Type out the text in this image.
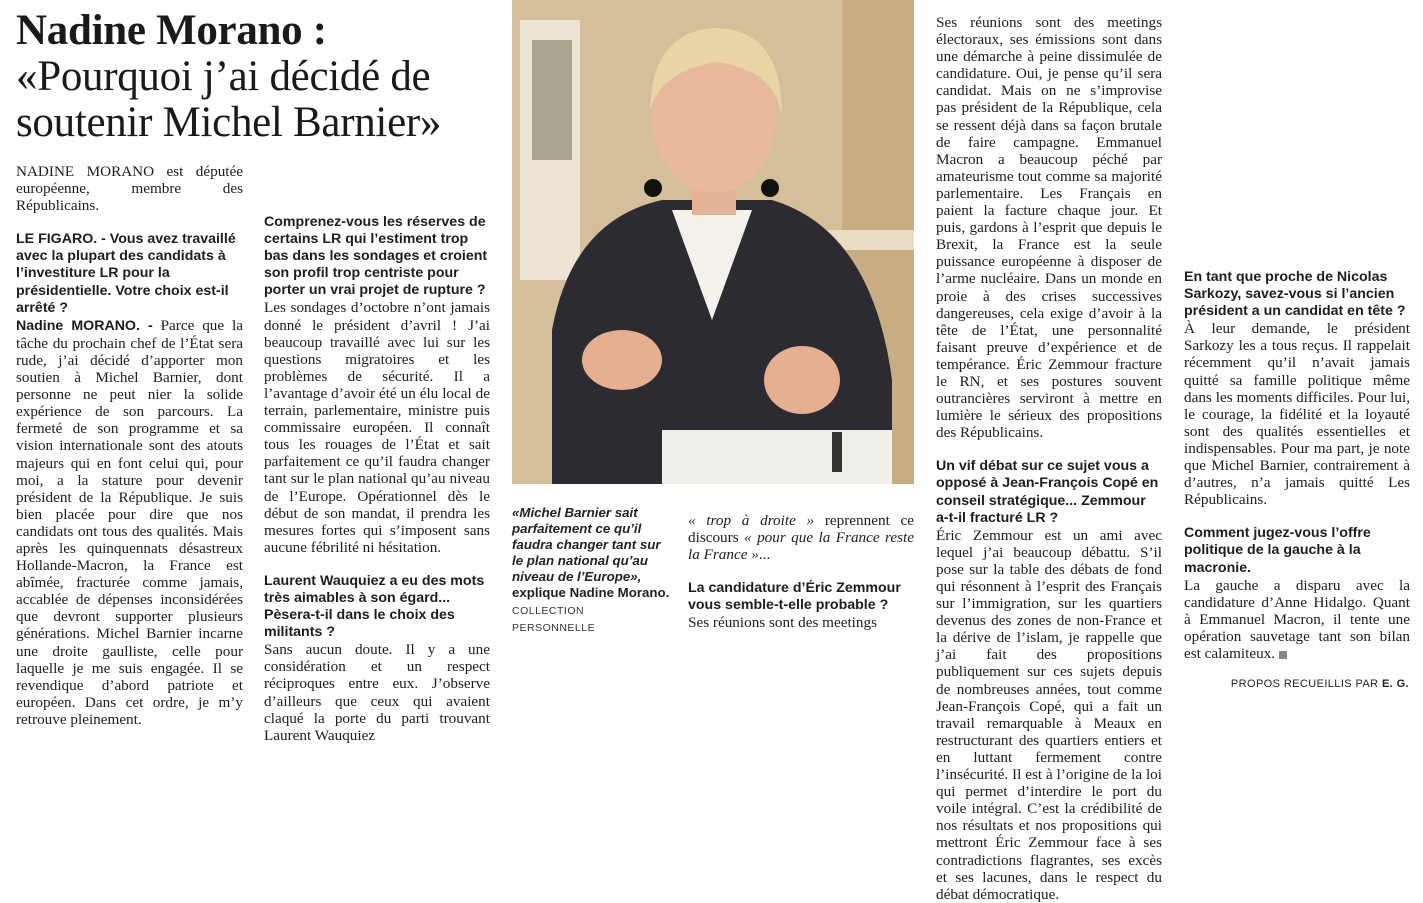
Nadine Morano :
«Pourquoi j’ai décidé de soutenir Michel Barnier»

NADINE MORANO est députée européenne, membre des Républicains.

LE FIGARO. - Vous avez travaillé avec la plupart des candidats à l’investiture LR pour la présidentielle. Votre choix est-il arrêté ?

Nadine MORANO. - Parce que la tâche du prochain chef de l’État sera rude, j’ai décidé d’apporter mon soutien à Michel Barnier, dont personne ne peut nier la solide expérience de son parcours. La fermeté de son programme et sa vision internationale sont des atouts majeurs qui en font celui qui, pour moi, a la stature pour devenir président de la République. Je suis bien placée pour dire que nos candidats ont tous des qualités. Mais après les quinquennats désastreux Hollande-Macron, la France est abîmée, fracturée comme jamais, accablée de dépenses inconsidérées que devront supporter plusieurs générations. Michel Barnier incarne une droite gaulliste, celle pour laquelle je me suis engagée. Il se revendique d’abord patriote et européen. Dans cet ordre, je m’y retrouve pleinement.

Comprenez-vous les réserves de certains LR qui l’estiment trop bas dans les sondages et croient son profil trop centriste pour porter un vrai projet de rupture ?

Les sondages d’octobre n’ont jamais donné le président d’avril ! J’ai beaucoup travaillé avec lui sur les questions migratoires et les problèmes de sécurité. Il a l’avantage d’avoir été un élu local de terrain, parlementaire, ministre puis commissaire européen. Il connaît tous les rouages de l’État et sait parfaitement ce qu’il faudra changer tant sur le plan national qu’au niveau de l’Europe. Opérationnel dès le début de son mandat, il prendra les mesures fortes qui s’imposent sans aucune fébrilité ni hésitation.

Laurent Wauquiez a eu des mots très aimables à son égard... Pèsera-t-il dans le choix des militants ?

Sans aucun doute. Il y a une considération et un respect réciproques entre eux. J’observe d’ailleurs que ceux qui avaient claqué la porte du parti trouvant Laurent Wauquiez

«Michel Barnier sait parfaitement ce qu’il faudra changer tant sur le plan national qu’au niveau de l’Europe», explique Nadine Morano. COLLECTION PERSONNELLE

« trop à droite » reprennent ce discours « pour que la France reste la France »...

La candidature d’Éric Zemmour vous semble-t-elle probable ?

Ses réunions sont des meetings

Ses réunions sont des meetings électoraux, ses émissions sont dans une démarche à peine dissimulée de candidature. Oui, je pense qu’il sera candidat. Mais on ne s’improvise pas président de la République, cela se ressent déjà dans sa façon brutale de faire campagne. Emmanuel Macron a beaucoup péché par amateurisme tout comme sa majorité parlementaire. Les Français en paient la facture chaque jour. Et puis, gardons à l’esprit que depuis le Brexit, la France est la seule puissance européenne à disposer de l’arme nucléaire. Dans un monde en proie à des crises successives dangereuses, cela exige d’avoir à la tête de l’État, une personnalité faisant preuve d’expérience et de tempérance. Éric Zemmour fracture le RN, et ses postures souvent outrancières serviront à mettre en lumière le sérieux des propositions des Républicains.

Un vif débat sur ce sujet vous a opposé à Jean-François Copé en conseil stratégique... Zemmour a-t-il fracturé LR ?

Éric Zemmour est un ami avec lequel j’ai beaucoup débattu. S’il pose sur la table des débats de fond qui résonnent à l’esprit des Français sur l’immigration, sur les quartiers devenus des zones de non-France et la dérive de l’islam, je rappelle que j’ai fait des propositions publiquement sur ces sujets depuis de nombreuses années, tout comme Jean-François Copé, qui a fait un travail remarquable à Meaux en restructurant des quartiers entiers et en luttant fermement contre l’insécurité. Il est à l’origine de la loi qui permet d’interdire le port du voile intégral. C’est la crédibilité de nos résultats et nos propositions qui mettront Éric Zemmour face à ses contradictions flagrantes, ses excès et ses lacunes, dans le respect du débat démocratique.

En tant que proche de Nicolas Sarkozy, savez-vous si l’ancien président a un candidat en tête ?

À leur demande, le président Sarkozy les a tous reçus. Il rappelait récemment qu’il n’avait jamais quitté sa famille politique même dans les moments difficiles. Pour lui, le courage, la fidélité et la loyauté sont des qualités essentielles et indispensables. Pour ma part, je note que Michel Barnier, contrairement à d’autres, n’a jamais quitté Les Républicains.

Comment jugez-vous l’offre politique de la gauche à la macronie.

La gauche a disparu avec la candidature d’Anne Hidalgo. Quant à Emmanuel Macron, il tente une opération sauvetage tant son bilan est calamiteux.

PROPOS RECUEILLIS PAR E. G.
